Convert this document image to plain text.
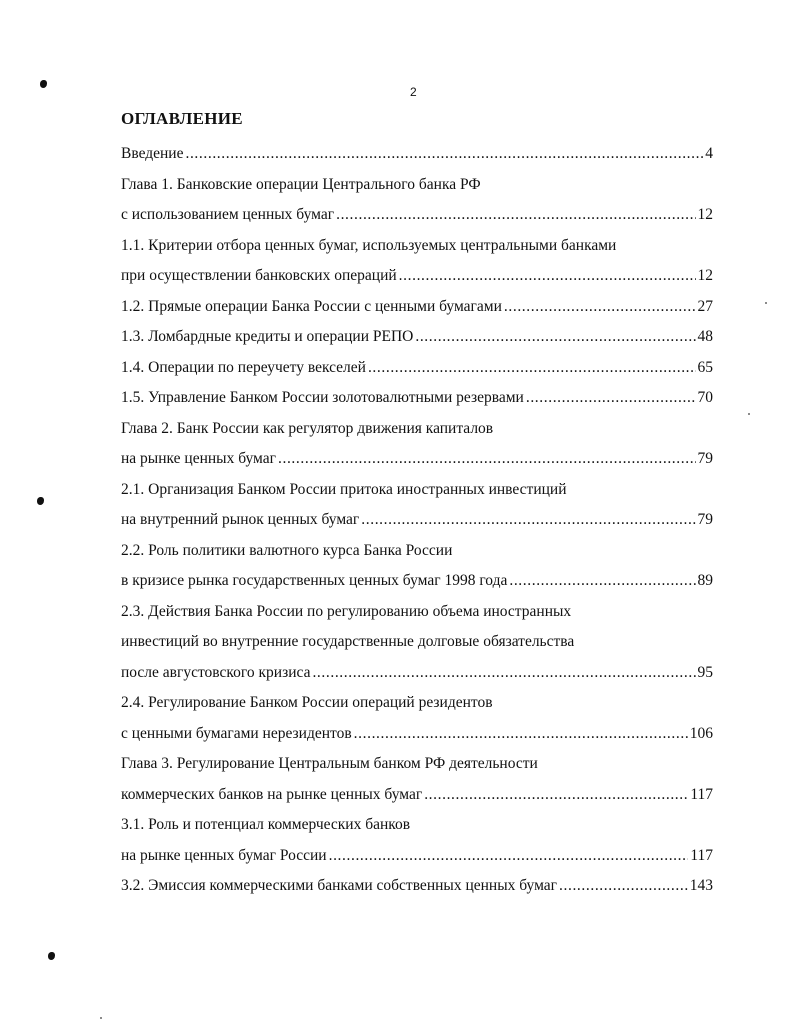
2
ОГЛАВЛЕНИЕ
Введение .....	4
Глава 1. Банковские операции Центрального банка РФ
с использованием ценных бумаг .....	12
1.1. Критерии отбора ценных бумаг, используемых центральными банками
при осуществлении банковских операций .....	12
1.2. Прямые операции Банка России с ценными бумагами .....	27
1.3. Ломбардные кредиты и операции РЕПО .....	48
1.4. Операции по переучету векселей .....	65
1.5. Управление Банком России золотовалютными резервами .....	70
Глава 2. Банк России как регулятор движения капиталов
на рынке ценных бумаг .....	79
2.1. Организация Банком России притока иностранных инвестиций
на внутренний рынок ценных бумаг .....	79
2.2. Роль политики валютного курса Банка России
в кризисе рынка государственных ценных бумаг 1998 года .....	89
2.3. Действия Банка России по регулированию объема иностранных
инвестиций во внутренние государственные долговые обязательства
после августовского кризиса .....	95
2.4. Регулирование Банком России операций резидентов
с ценными бумагами нерезидентов .....	106
Глава 3. Регулирование Центральным банком РФ деятельности
коммерческих банков на рынке ценных бумаг .....	117
3.1. Роль и потенциал коммерческих банков
на рынке ценных бумаг России .....	117
3.2. Эмиссия коммерческими банками собственных ценных бумаг .....	143
